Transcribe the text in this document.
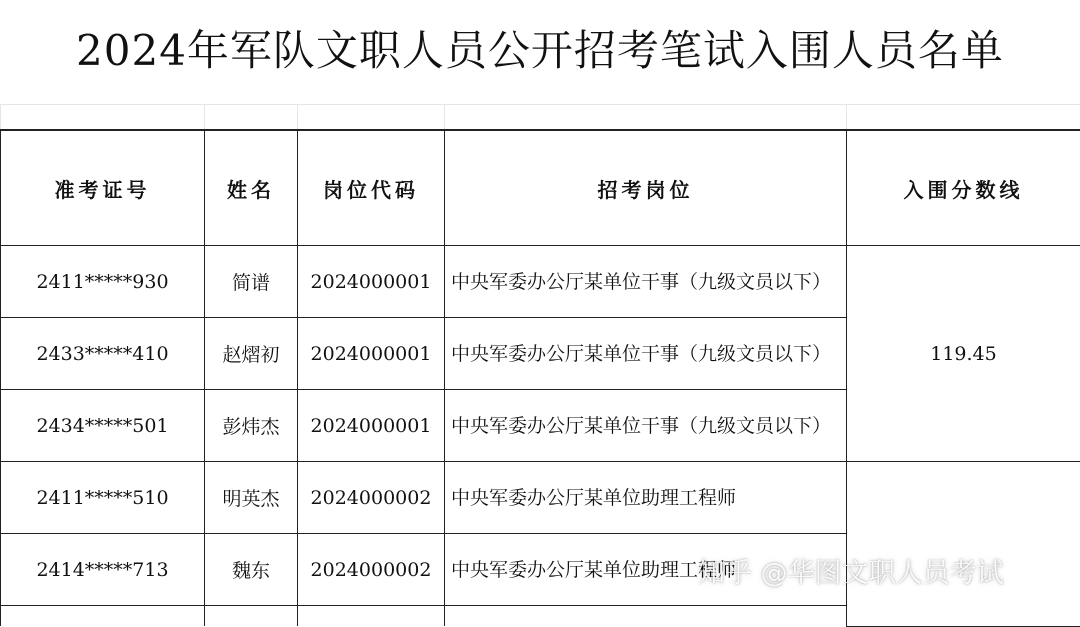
2024年军队文职人员公开招考笔试入围人员名单

准考证号	姓名	岗位代码	招考岗位	入围分数线
2411*****930	简谱	2024000001	中央军委办公厅某单位干事（九级文员以下）	119.45
2433*****410	赵熠初	2024000001	中央军委办公厅某单位干事（九级文员以下）	
2434*****501	彭炜杰	2024000001	中央军委办公厅某单位干事（九级文员以下）	
2411*****510	明英杰	2024000002	中央军委办公厅某单位助理工程师	
2414*****713	魏东	2024000002	中央军委办公厅某单位助理工程师	

知乎 @华图文职人员考试
